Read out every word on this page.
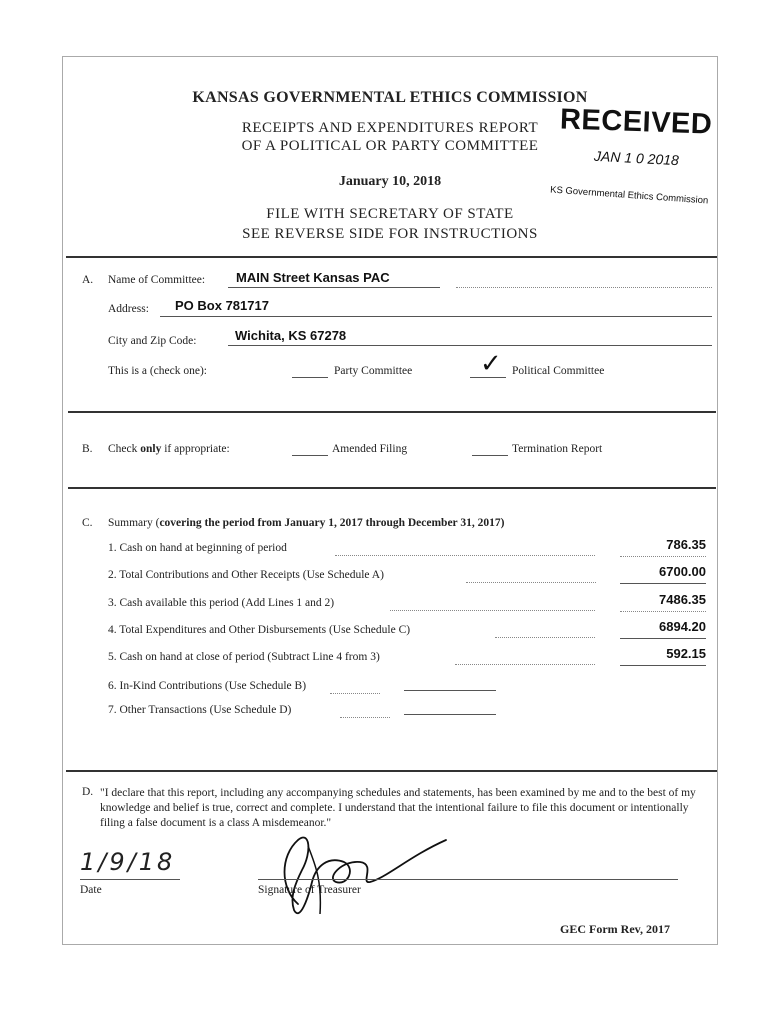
KANSAS GOVERNMENTAL ETHICS COMMISSION
RECEIPTS AND EXPENDITURES REPORT
OF A POLITICAL OR PARTY COMMITTEE
January 10, 2018
FILE WITH SECRETARY OF STATE
SEE REVERSE SIDE FOR INSTRUCTIONS
RECEIVED
JAN 1 0 2018
KS Governmental Ethics Commission
A. Name of Committee: MAIN Street Kansas PAC
Address: PO Box 781717
City and Zip Code:	Wichita, KS 67278
This is a (check one):	Party Committee	✓ Political Committee
B. Check only if appropriate:	Amended Filing	Termination Report
C. Summary (covering the period from January 1, 2017 through December 31, 2017)
1. Cash on hand at beginning of period	786.35
2. Total Contributions and Other Receipts (Use Schedule A)	6700.00
3. Cash available this period (Add Lines 1 and 2)	7486.35
4. Total Expenditures and Other Disbursements (Use Schedule C)	6894.20
5. Cash on hand at close of period (Subtract Line 4 from 3)	592.15
6. In-Kind Contributions (Use Schedule B)
7. Other Transactions (Use Schedule D)
D. "I declare that this report, including any accompanying schedules and statements, has been examined by me and to the best of my knowledge and belief is true, correct and complete. I understand that the intentional failure to file this document or intentionally filing a false document is a class A misdemeanor."
1/9/18
Date	Signature of Treasurer
GEC Form Rev, 2017
